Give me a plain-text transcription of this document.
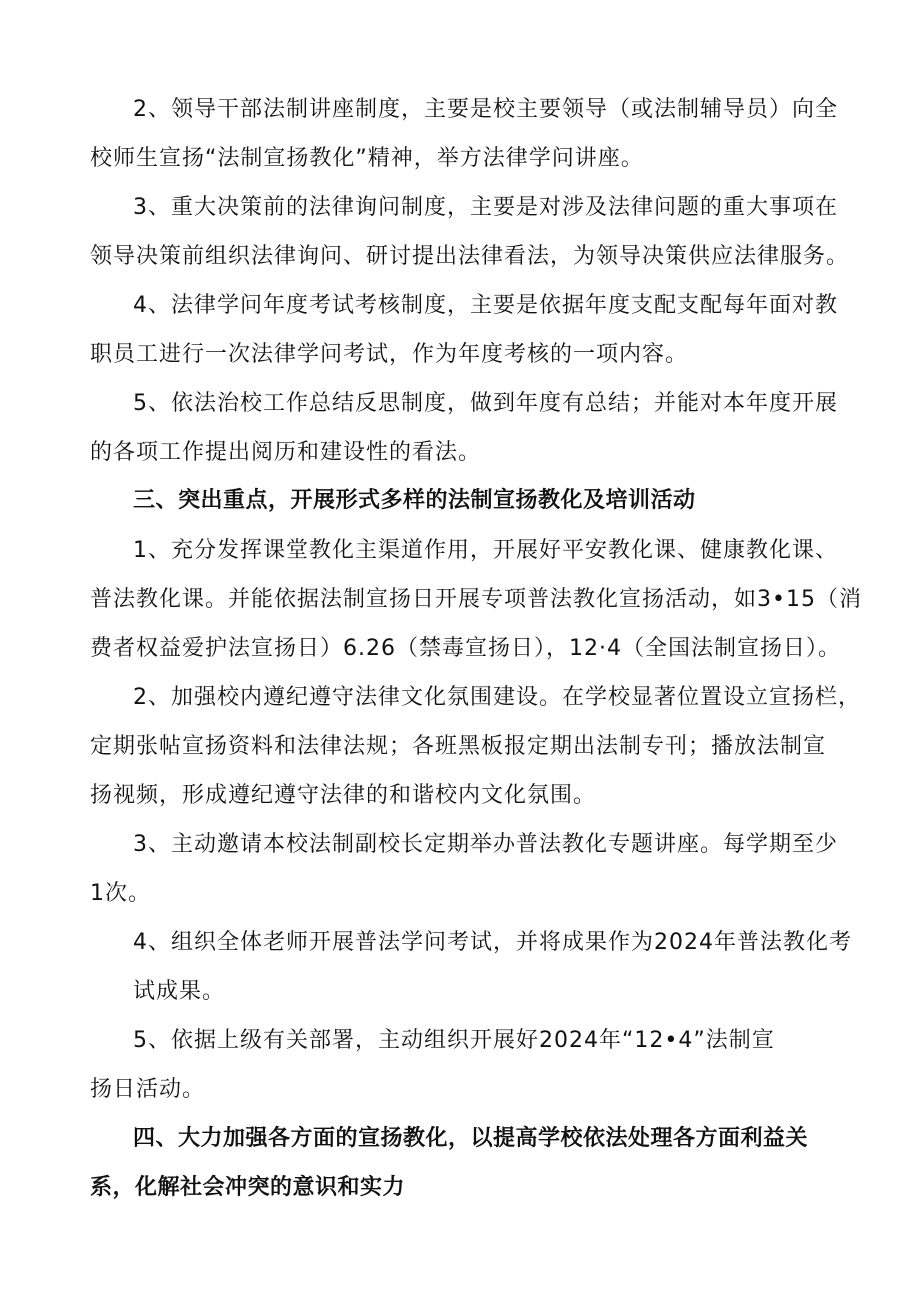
2、领导干部法制讲座制度，主要是校主要领导（或法制辅导员）向全
校师生宣扬“法制宣扬教化”精神，举方法律学问讲座。
3、重大决策前的法律询问制度，主要是对涉及法律问题的重大事项在
领导决策前组织法律询问、研讨提出法律看法，为领导决策供应法律服务。
4、法律学问年度考试考核制度，主要是依据年度支配支配每年面对教
职员工进行一次法律学问考试，作为年度考核的一项内容。
5、依法治校工作总结反思制度，做到年度有总结；并能对本年度开展
的各项工作提出阅历和建设性的看法。
三、突出重点，开展形式多样的法制宣扬教化及培训活动
1、充分发挥课堂教化主渠道作用，开展好平安教化课、健康教化课、
普法教化课。并能依据法制宣扬日开展专项普法教化宣扬活动，如3•15（消
费者权益爱护法宣扬日）6.26（禁毒宣扬日），12·4（全国法制宣扬日）。
2、加强校内遵纪遵守法律文化氛围建设。在学校显著位置设立宣扬栏，
定期张帖宣扬资料和法律法规；各班黑板报定期出法制专刊；播放法制宣
扬视频，形成遵纪遵守法律的和谐校内文化氛围。
3、主动邀请本校法制副校长定期举办普法教化专题讲座。每学期至少
1次。
4、组织全体老师开展普法学问考试，并将成果作为2024年普法教化考
试成果。
5、依据上级有关部署，主动组织开展好2024年“12•4”法制宣
扬日活动。
四、大力加强各方面的宣扬教化，以提高学校依法处理各方面利益关
系，化解社会冲突的意识和实力
